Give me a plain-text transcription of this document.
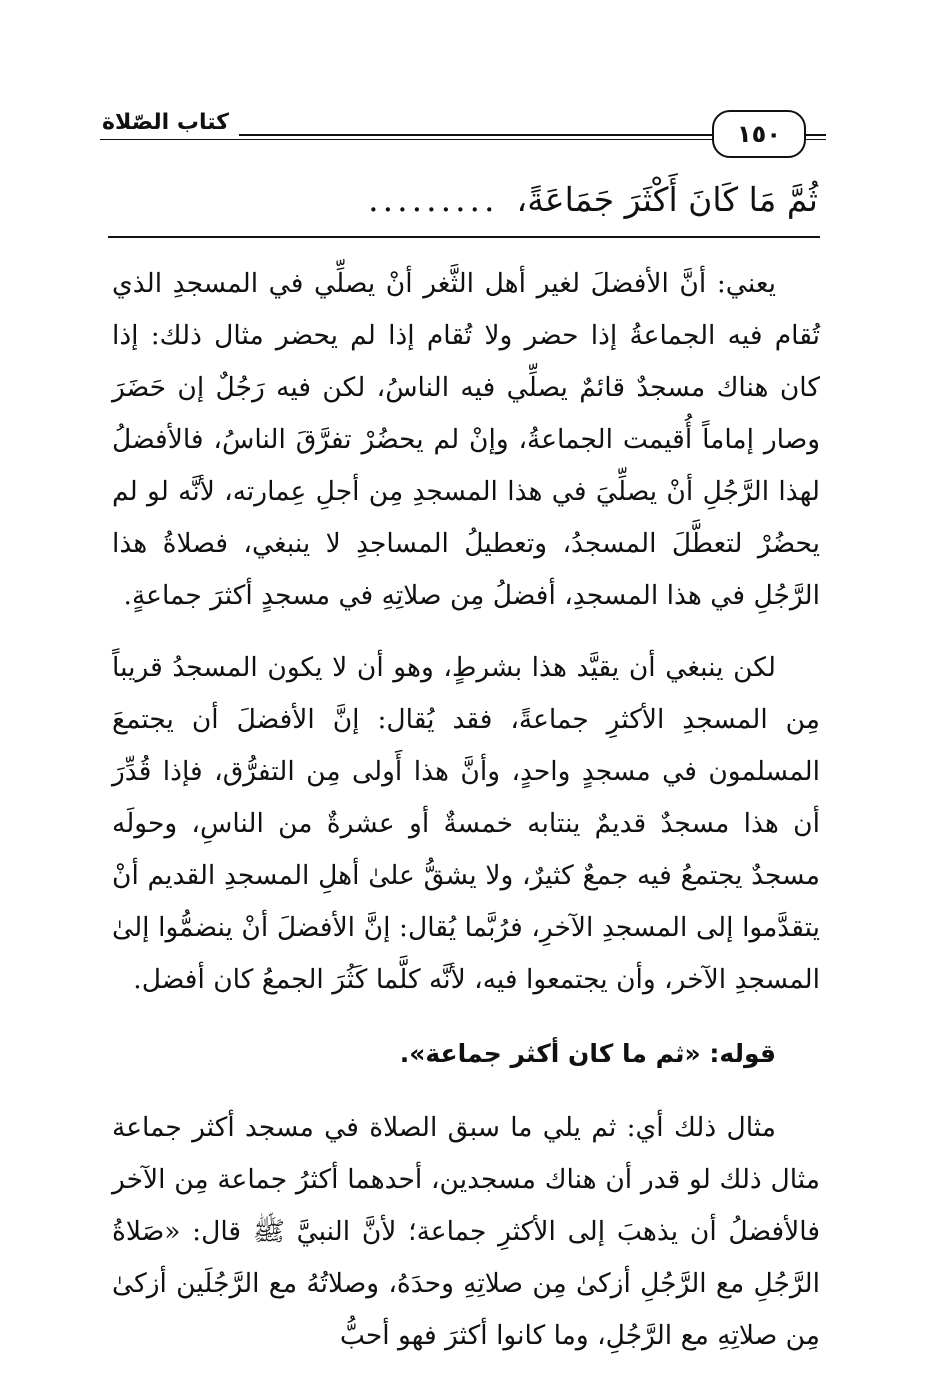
كتاب الصّلاة	١٥٠
ثُمَّ مَا كَانَ أَكْثَرَ جَمَاعَةً،.........

يعني: أنَّ الأفضلَ لغير أهل الثَّغر أنْ يصلِّي في المسجدِ الذي تُقام فيه الجماعةُ إذا حضر ولا تُقام إذا لم يحضر مثال ذلك: إذا كان هناك مسجدٌ قائمٌ يصلِّي فيه الناسُ، لكن فيه رَجُلٌ إن حَضَرَ وصار إماماً أُقيمت الجماعةُ، وإنْ لم يحضُرْ تفرَّقَ الناسُ، فالأفضلُ لهذا الرَّجُلِ أنْ يصلِّيَ في هذا المسجدِ مِن أجلِ عِمارته، لأنَّه لو لم يحضُرْ لتعطَّلَ المسجدُ، وتعطيلُ المساجدِ لا ينبغي، فصلاةُ هذا الرَّجُلِ في هذا المسجدِ، أفضلُ مِن صلاتِهِ في مسجدٍ أكثرَ جماعةٍ.

لكن ينبغي أن يقيَّد هذا بشرطٍ، وهو أن لا يكون المسجدُ قريباً مِن المسجدِ الأكثرِ جماعةً، فقد يُقال: إنَّ الأفضلَ أن يجتمعَ المسلمون في مسجدٍ واحدٍ، وأنَّ هذا أَولى مِن التفرُّق، فإذا قُدِّرَ أن هذا مسجدٌ قديمٌ ينتابه خمسةٌ أو عشرةٌ من الناسِ، وحولَه مسجدٌ يجتمعُ فيه جمعٌ كثيرٌ، ولا يشقُّ علىٰ أهلِ المسجدِ القديم أنْ يتقدَّموا إلى المسجدِ الآخرِ، فرُبَّما يُقال: إنَّ الأفضلَ أنْ ينضمُّوا إلىٰ المسجدِ الآخر، وأن يجتمعوا فيه، لأنَّه كلَّما كَثُرَ الجمعُ كان أفضل.

قوله: «ثم ما كان أكثر جماعة».

مثال ذلك أي: ثم يلي ما سبق الصلاة في مسجد أكثر جماعة مثال ذلك لو قدر أن هناك مسجدين، أحدهما أكثرُ جماعة مِن الآخر فالأفضلُ أن يذهبَ إلى الأكثرِ جماعة؛ لأنَّ النبيَّ ﷺ قال: «صَلاةُ الرَّجُلِ مع الرَّجُلِ أزكىٰ مِن صلاتِهِ وحدَهُ، وصلاتُهُ مع الرَّجُلَين أزكىٰ مِن صلاتِهِ مع الرَّجُلِ، وما كانوا أكثرَ فهو أحبُّ
